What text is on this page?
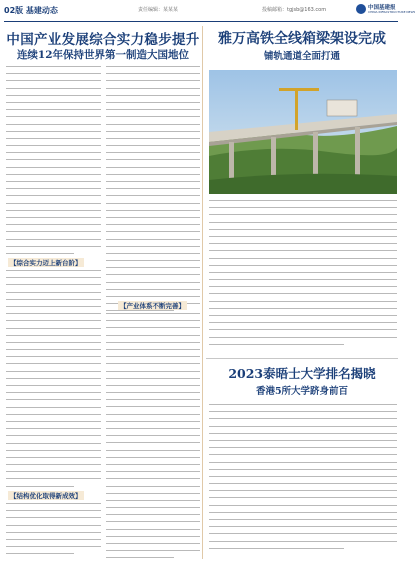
02版 基建动态	责任编辑：某某某	投稿邮箱：tgjsb@163.com	中国基建报
CHINA INFRASTRUCTURE NEWS
中国产业发展综合实力稳步提升
连续12年保持世界第一制造大国地位
【综合实力迈上新台阶】
【结构优化取得新成效】
【产业体系不断完善】
雅万高铁全线箱梁架设完成
铺轨通道全面打通
2023泰晤士大学排名揭晓
香港5所大学跻身前百
